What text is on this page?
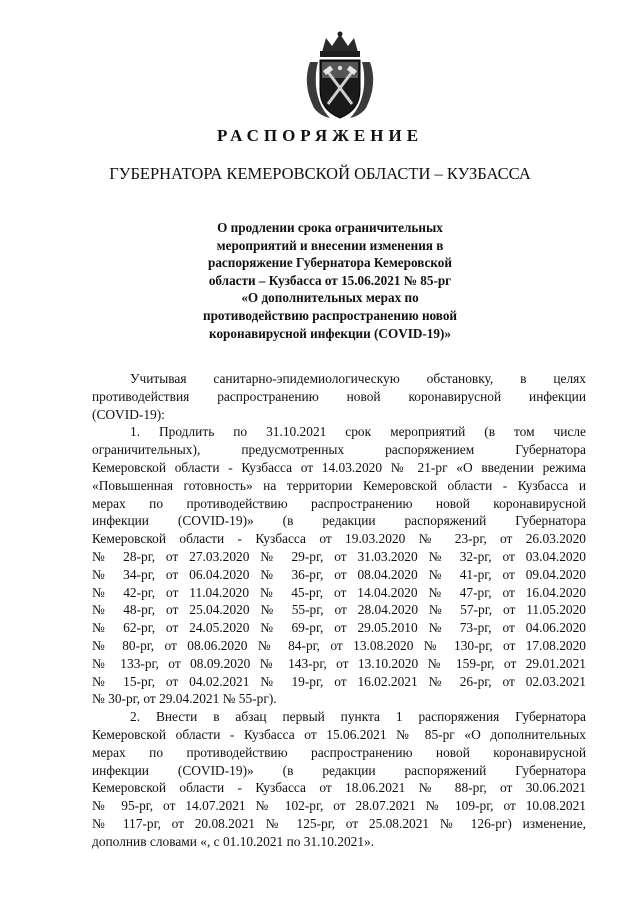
РАСПОРЯЖЕНИЕ
ГУБЕРНАТОРА КЕМЕРОВСКОЙ ОБЛАСТИ – КУЗБАССА
О продлении срока ограничительных
мероприятий и внесении изменения в
распоряжение Губернатора Кемеровской
области – Кузбасса от 15.06.2021 № 85-рг
«О дополнительных мерах по
противодействию распространению новой
коронавирусной инфекции (COVID-19)»
Учитывая санитарно-эпидемиологическую обстановку, в целях
противодействия распространению новой коронавирусной инфекции
(COVID-19):
1. Продлить по 31.10.2021 срок мероприятий (в том числе
ограничительных), предусмотренных распоряжением Губернатора
Кемеровской области - Кузбасса от 14.03.2020 № 21-рг «О введении режима
«Повышенная готовность» на территории Кемеровской области - Кузбасса и
мерах по противодействию распространению новой коронавирусной
инфекции (COVID-19)» (в редакции распоряжений Губернатора
Кемеровской области - Кузбасса от 19.03.2020 № 23-рг, от 26.03.2020
№ 28-рг, от 27.03.2020 № 29-рг, от 31.03.2020 № 32-рг, от 03.04.2020
№ 34-рг, от 06.04.2020 № 36-рг, от 08.04.2020 № 41-рг, от 09.04.2020
№ 42-рг, от 11.04.2020 № 45-рг, от 14.04.2020 № 47-рг, от 16.04.2020
№ 48-рг, от 25.04.2020 № 55-рг, от 28.04.2020 № 57-рг, от 11.05.2020
№ 62-рг, от 24.05.2020 № 69-рг, от 29.05.2010 № 73-рг, от 04.06.2020
№ 80-рг, от 08.06.2020 № 84-рг, от 13.08.2020 № 130-рг, от 17.08.2020
№ 133-рг, от 08.09.2020 № 143-рг, от 13.10.2020 № 159-рг, от 29.01.2021
№ 15-рг, от 04.02.2021 № 19-рг, от 16.02.2021 № 26-рг, от 02.03.2021
№ 30-рг, от 29.04.2021 № 55-рг).
2. Внести в абзац первый пункта 1 распоряжения Губернатора
Кемеровской области - Кузбасса от 15.06.2021 № 85-рг «О дополнительных
мерах по противодействию распространению новой коронавирусной
инфекции (COVID-19)» (в редакции распоряжений Губернатора
Кемеровской области - Кузбасса от 18.06.2021 № 88-рг, от 30.06.2021
№ 95-рг, от 14.07.2021 № 102-рг, от 28.07.2021 № 109-рг, от 10.08.2021
№ 117-рг, от 20.08.2021 № 125-рг, от 25.08.2021 № 126-рг) изменение,
дополнив словами «, с 01.10.2021 по 31.10.2021».
